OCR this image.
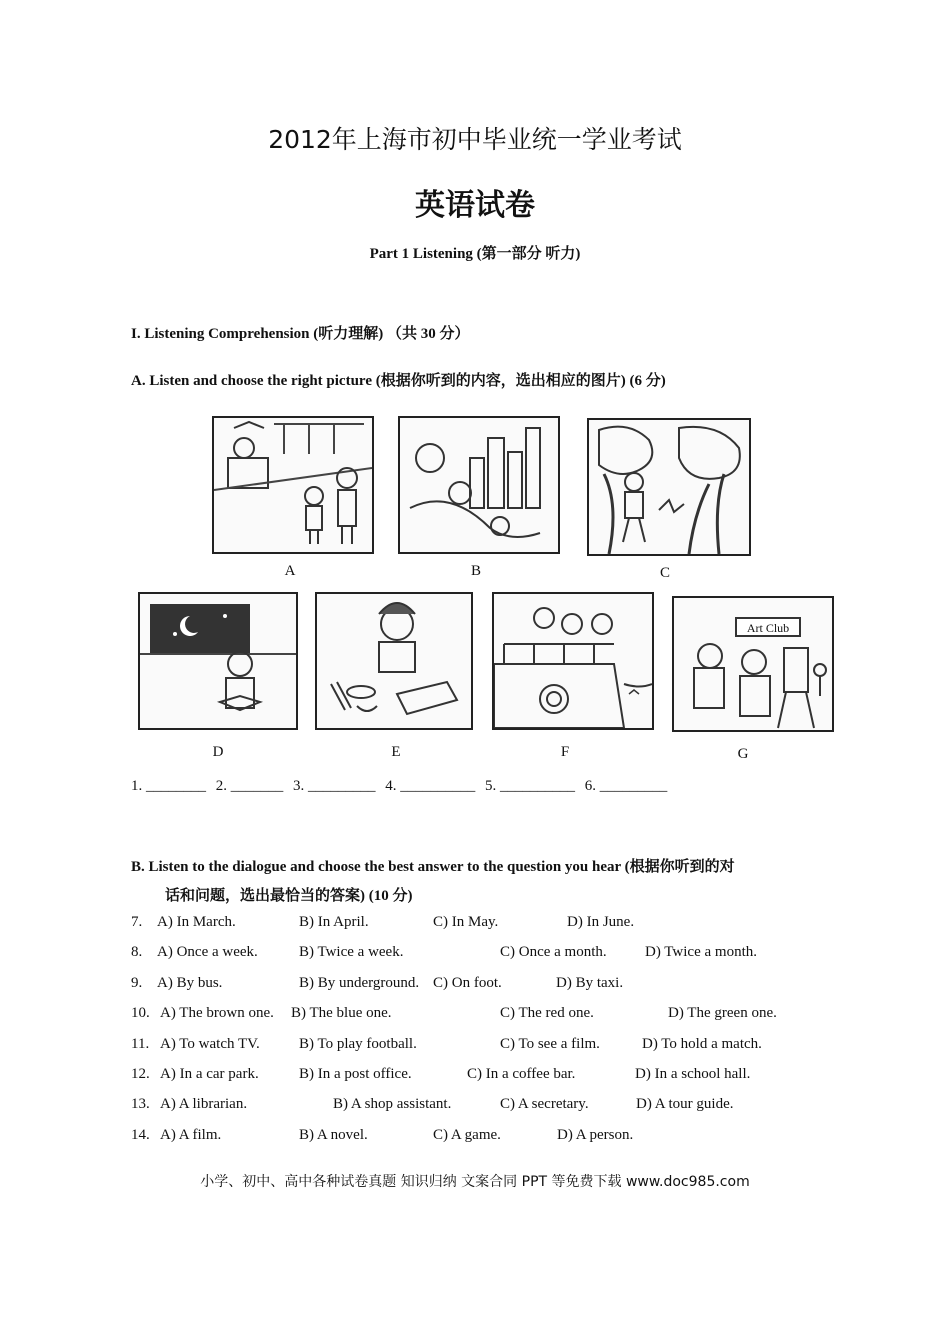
2012年上海市初中毕业统一学业考试
英语试卷
Part 1 Listening (第一部分 听力)
I. Listening Comprehension (听力理解) （共 30 分）
A. Listen and choose the right picture (根据你听到的内容，选出相应的图片) (6 分)
A	B	C
Art Club
D	E	F	G
1. ________ 2. _______ 3. _________ 4. __________ 5. __________ 6. _________
B. Listen to the dialogue and choose the best answer to the question you hear (根据你听到的对
话和问题，选出最恰当的答案) (10 分)
7. A) In March.	B) In April.	C) In May.	D) In June.
8. A) Once a week.	B) Twice a week.	C) Once a month.	D) Twice a month.
9. A) By bus.	B) By underground. C) On foot.	D) By taxi.
10. A) The brown one. B) The blue one.	C) The red one.	D) The green one.
11. A) To watch TV.	B) To play football.	C) To see a film.	D) To hold a match.
12. A) In a car park.	B) In a post office.	C) In a coffee bar.	D) In a school hall.
13. A) A librarian.	B) A shop assistant.	C) A secretary.	D) A tour guide.
14. A) A film.	B) A novel.	C) A game.	D) A person.
小学、初中、高中各种试卷真题 知识归纳 文案合同 PPT 等免费下载 www.doc985.com
